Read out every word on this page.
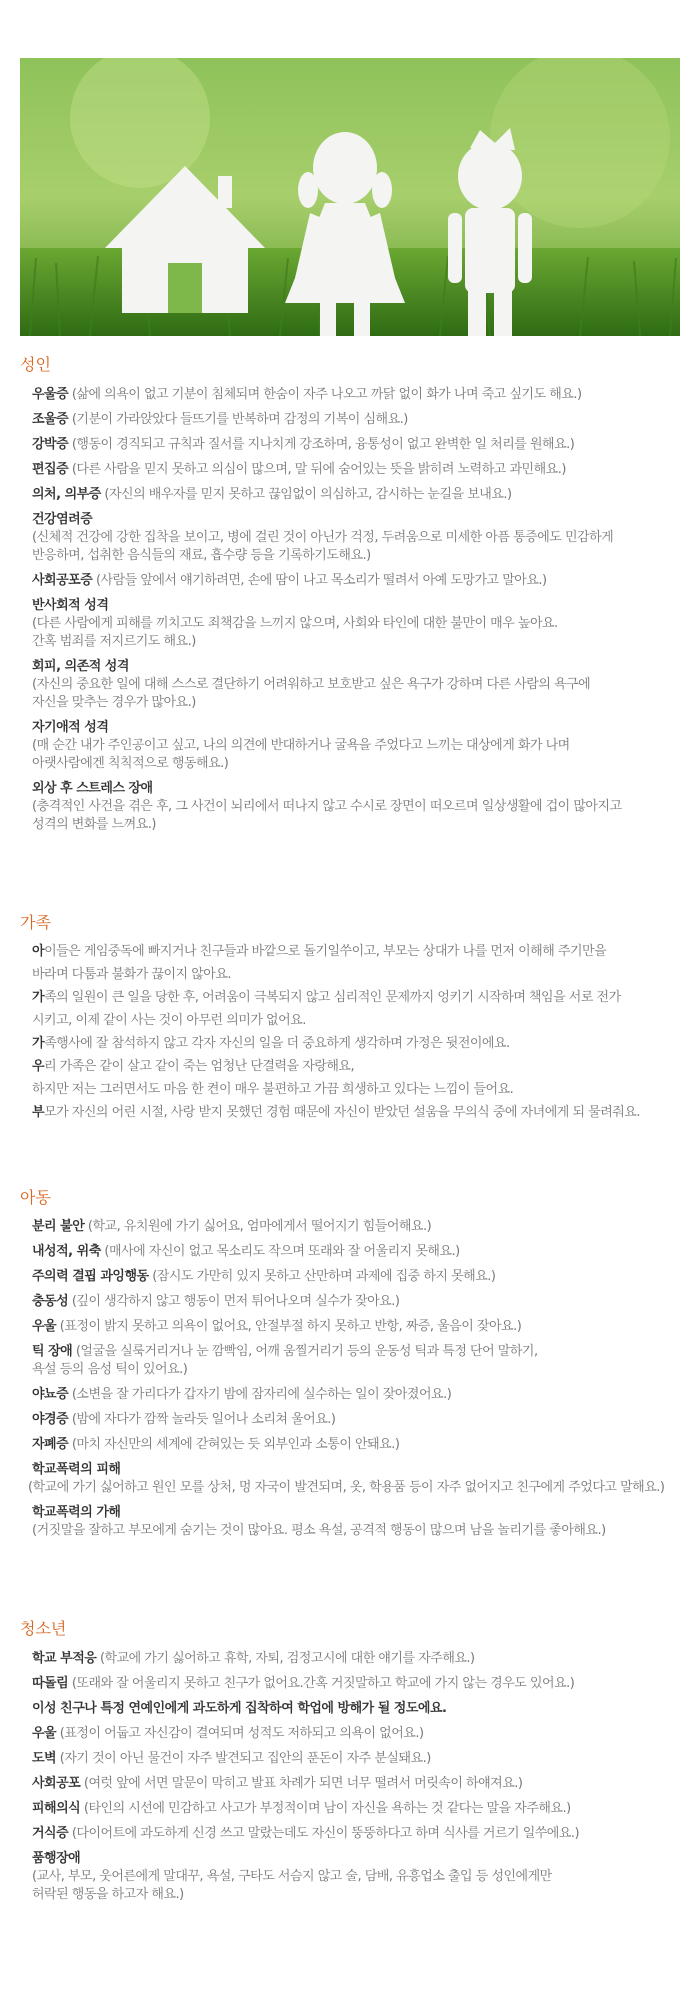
성인
우울증 (삶에 의욕이 없고 기분이 침체되며 한숨이 자주 나오고 까닭 없이 화가 나며 죽고 싶기도 해요.)
조울증 (기분이 가라앉았다 들뜨기를 반복하며 감정의 기복이 심해요.)
강박증 (행동이 경직되고 규칙과 질서를 지나치게 강조하며, 융통성이 없고 완벽한 일 처리를 원해요.)
편집증 (다른 사람을 믿지 못하고 의심이 많으며, 말 뒤에 숨어있는 뜻을 밝히려 노력하고 과민해요.)
의처, 의부증 (자신의 배우자를 믿지 못하고 끊임없이 의심하고, 감시하는 눈길을 보내요.)
건강염려증
(신체적 건강에 강한 집착을 보이고, 병에 걸린 것이 아닌가 걱정, 두려움으로 미세한 아픔 통증에도 민감하게
반응하며, 섭취한 음식들의 재료, 흡수량 등을 기록하기도해요.)
사회공포증 (사람들 앞에서 얘기하려면, 손에 땀이 나고 목소리가 떨려서 아예 도망가고 말아요.)
반사회적 성격
(다른 사람에게 피해를 끼치고도 죄책감을 느끼지 않으며, 사회와 타인에 대한 불만이 매우 높아요.
간혹 범죄를 저지르기도 해요.)
회피, 의존적 성격
(자신의 중요한 일에 대해 스스로 결단하기 어려워하고 보호받고 싶은 욕구가 강하며 다른 사람의 욕구에
자신을 맞추는 경우가 많아요.)
자기애적 성격
(매 순간 내가 주인공이고 싶고, 나의 의견에 반대하거나 굴욕을 주었다고 느끼는 대상에게 화가 나며
아랫사람에겐 칙칙적으로 행동해요.)
외상 후 스트레스 장애
(충격적인 사건을 겪은 후, 그 사건이 뇌리에서 떠나지 않고 수시로 장면이 떠오르며 일상생활에 겁이 많아지고
성격의 변화를 느껴요.)
가족
아이들은 게임중독에 빠지거나 친구들과 바깥으로 돌기일쑤이고, 부모는 상대가 나를 먼저 이해해 주기만을
바라며 다툼과 불화가 끊이지 않아요.
가족의 일원이 큰 일을 당한 후, 어려움이 극복되지 않고 심리적인 문제까지 엉키기 시작하며 책임을 서로 전가
시키고, 이제 같이 사는 것이 아무런 의미가 없어요.
가족행사에 잘 참석하지 않고 각자 자신의 일을 더 중요하게 생각하며 가정은 뒷전이에요.
우리 가족은 같이 살고 같이 죽는 엄청난 단결력을 자랑해요,
하지만 저는 그러면서도 마음 한 켠이 매우 불편하고 가끔 희생하고 있다는 느낌이 들어요.
부모가 자신의 어린 시절, 사랑 받지 못했던 경험 때문에 자신이 받았던 설움을 무의식 중에 자녀에게 되 물려줘요.
아동
분리 불안 (학교, 유치원에 가기 싫어요, 엄마에게서 떨어지기 힘들어해요.)
내성적, 위축 (매사에 자신이 없고 목소리도 작으며 또래와 잘 어울리지 못해요.)
주의력 결핍 과잉행동 (잠시도 가만히 있지 못하고 산만하며 과제에 집중 하지 못해요.)
충동성 (깊이 생각하지 않고 행동이 먼저 튀어나오며 실수가 잦아요.)
우울 (표정이 밝지 못하고 의욕이 없어요, 안절부절 하지 못하고 반항, 짜증, 울음이 잦아요.)
틱 장애 (얼굴을 실룩거리거나 눈 깜빡임, 어깨 움찔거리기 등의 운동성 틱과 특정 단어 말하기,
욕설 등의 음성 틱이 있어요.)
야뇨증 (소변을 잘 가리다가 갑자기 밤에 잠자리에 실수하는 일이 잦아졌어요.)
야경증 (밤에 자다가 깜짝 놀라듯 일어나 소리쳐 울어요.)
자폐증 (마치 자신만의 세계에 갇혀있는 듯 외부인과 소통이 안돼요.)
학교폭력의 피해
(학교에 가기 싫어하고 원인 모를 상처, 멍 자국이 발견되며, 옷, 학용품 등이 자주 없어지고 친구에게 주었다고 말해요.)
학교폭력의 가해
(거짓말을 잘하고 부모에게 숨기는 것이 많아요. 평소 욕설, 공격적 행동이 많으며 남을 놀리기를 좋아해요.)
청소년
학교 부적응 (학교에 가기 싫어하고 휴학, 자퇴, 검정고시에 대한 얘기를 자주해요.)
따돌림 (또래와 잘 어울리지 못하고 친구가 없어요.간혹 거짓말하고 학교에 가지 않는 경우도 있어요.)
이성 친구나 특정 연예인에게 과도하게 집착하여 학업에 방해가 될 정도에요.
우울 (표정이 어둡고 자신감이 결여되며 성적도 저하되고 의욕이 없어요.)
도벽 (자기 것이 아닌 물건이 자주 발견되고 집안의 푼돈이 자주 분실돼요.)
사회공포 (여럿 앞에 서면 말문이 막히고 발표 차례가 되면 너무 떨려서 머릿속이 하얘져요.)
피해의식 (타인의 시선에 민감하고 사고가 부정적이며 남이 자신을 욕하는 것 같다는 말을 자주해요.)
거식증 (다이어트에 과도하게 신경 쓰고 말랐는데도 자신이 뚱뚱하다고 하며 식사를 거르기 일쑤에요.)
품행장애
(교사, 부모, 웃어른에게 말대꾸, 욕설, 구타도 서슴지 않고 술, 담배, 유흥업소 출입 등 성인에게만
허락된 행동을 하고자 해요.)
